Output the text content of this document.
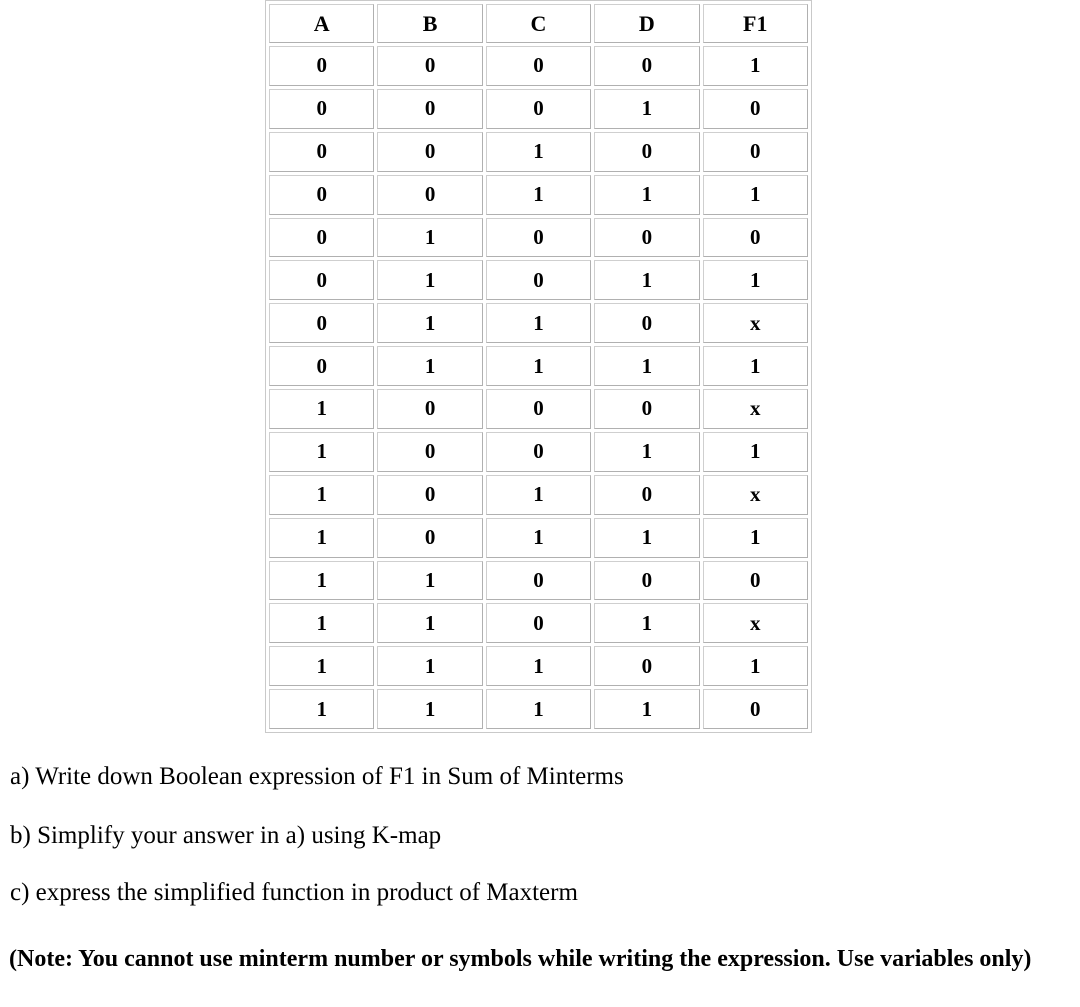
A	B	C	D	F1
0	0	0	0	1
0	0	0	1	0
0	0	1	0	0
0	0	1	1	1
0	1	0	0	0
0	1	0	1	1
0	1	1	0	x
0	1	1	1	1
1	0	0	0	x
1	0	0	1	1
1	0	1	0	x
1	0	1	1	1
1	1	0	0	0
1	1	0	1	x
1	1	1	0	1
1	1	1	1	0

a) Write down Boolean expression of F1 in Sum of Minterms

b) Simplify your answer in a) using K-map

c) express the simplified function in product of Maxterm

(Note: You cannot use minterm number or symbols while writing the expression. Use variables only)
